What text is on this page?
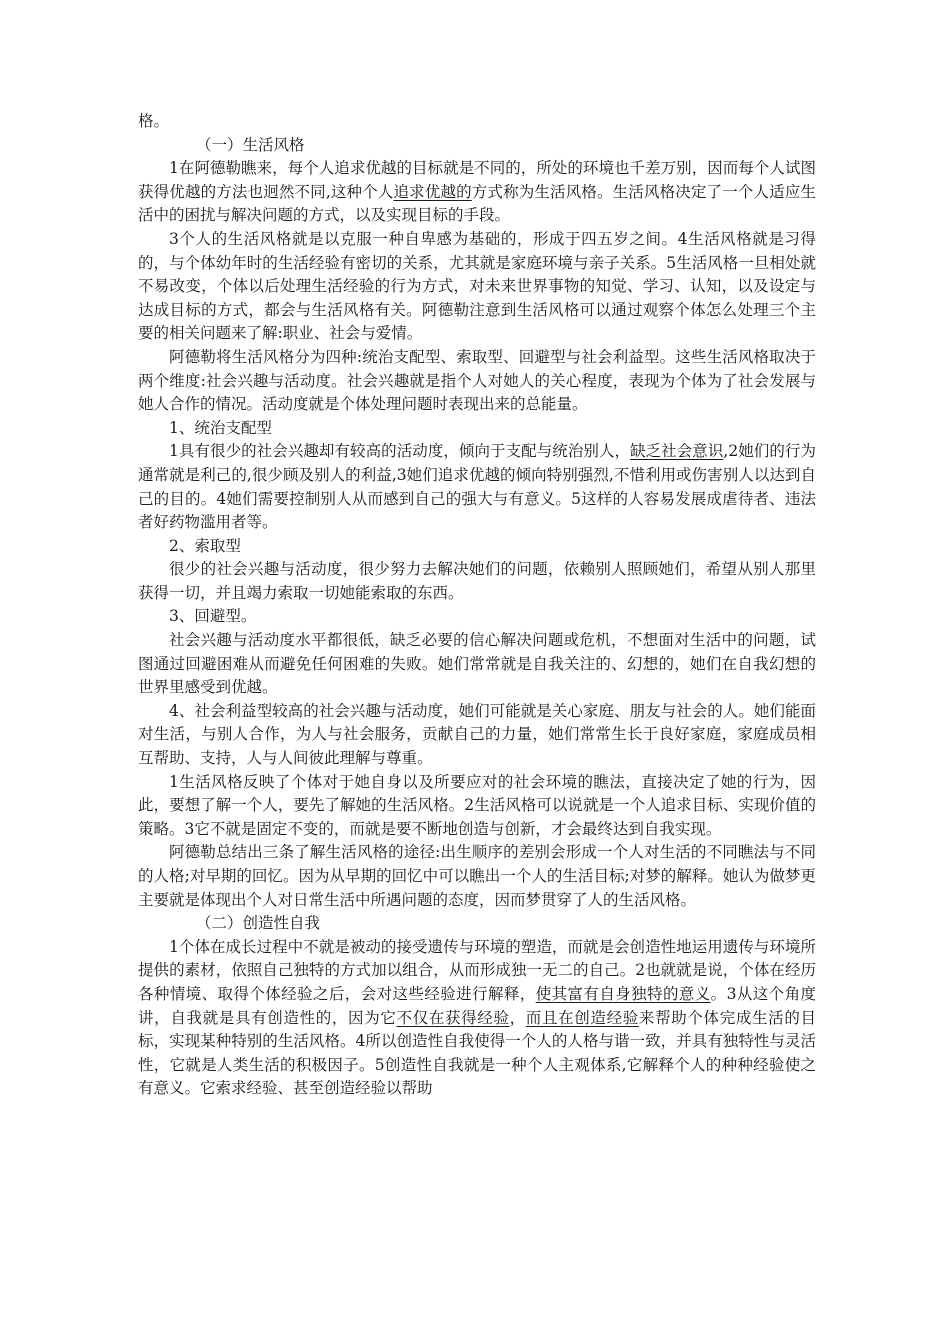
格。

（一）生活风格

1在阿德勒瞧来，每个人追求优越的目标就是不同的，所处的环境也千差万别，因而每个人试图获得优越的方法也迥然不同,这种个人追求优越的方式称为生活风格。生活风格决定了一个人适应生活中的困扰与解决问题的方式，以及实现目标的手段。

3个人的生活风格就是以克服一种自卑感为基础的，形成于四五岁之间。4生活风格就是习得的，与个体幼年时的生活经验有密切的关系，尤其就是家庭环境与亲子关系。5生活风格一旦相处就不易改变，个体以后处理生活经验的行为方式，对未来世界事物的知觉、学习、认知，以及设定与达成目标的方式，都会与生活风格有关。阿德勒注意到生活风格可以通过观察个体怎么处理三个主要的相关问题来了解:职业、社会与爱情。

阿德勒将生活风格分为四种:统治支配型、索取型、回避型与社会利益型。这些生活风格取决于两个维度:社会兴趣与活动度。社会兴趣就是指个人对她人的关心程度，表现为个体为了社会发展与她人合作的情况。活动度就是个体处理问题时表现出来的总能量。

1、统治支配型

1具有很少的社会兴趣却有较高的活动度，倾向于支配与统治别人，缺乏社会意识,2她们的行为通常就是利己的,很少顾及别人的利益,3她们追求优越的倾向特别强烈,不惜利用或伤害别人以达到自己的目的。4她们需要控制别人从而感到自己的强大与有意义。5这样的人容易发展成虐待者、违法者好药物滥用者等。

2、索取型

很少的社会兴趣与活动度，很少努力去解决她们的问题，依赖别人照顾她们，希望从别人那里获得一切，并且竭力索取一切她能索取的东西。

3、回避型。

社会兴趣与活动度水平都很低，缺乏必要的信心解决问题或危机，不想面对生活中的问题，试图通过回避困难从而避免任何困难的失败。她们常常就是自我关注的、幻想的，她们在自我幻想的世界里感受到优越。

4、社会利益型较高的社会兴趣与活动度，她们可能就是关心家庭、朋友与社会的人。她们能面对生活，与别人合作，为人与社会服务，贡献自己的力量，她们常常生长于良好家庭，家庭成员相互帮助、支持，人与人间彼此理解与尊重。

1生活风格反映了个体对于她自身以及所要应对的社会环境的瞧法，直接决定了她的行为，因此，要想了解一个人，要先了解她的生活风格。2生活风格可以说就是一个人追求目标、实现价值的策略。3它不就是固定不变的，而就是要不断地创造与创新，才会最终达到自我实现。

阿德勒总结出三条了解生活风格的途径:出生顺序的差别会形成一个人对生活的不同瞧法与不同的人格;对早期的回忆。因为从早期的回忆中可以瞧出一个人的生活目标;对梦的解释。她认为做梦更主要就是体现出个人对日常生活中所遇问题的态度，因而梦贯穿了人的生活风格。

（二）创造性自我

1个体在成长过程中不就是被动的接受遗传与环境的塑造，而就是会创造性地运用遗传与环境所提供的素材，依照自己独特的方式加以组合，从而形成独一无二的自己。2也就就是说，个体在经历各种情境、取得个体经验之后，会对这些经验进行解释，使其富有自身独特的意义。3从这个角度讲，自我就是具有创造性的，因为它不仅在获得经验，而且在创造经验来帮助个体完成生活的目标，实现某种特别的生活风格。4所以创造性自我使得一个人的人格与谐一致，并具有独特性与灵活性，它就是人类生活的积极因子。5创造性自我就是一种个人主观体系,它解释个人的种种经验使之有意义。它索求经验、甚至创造经验以帮助
